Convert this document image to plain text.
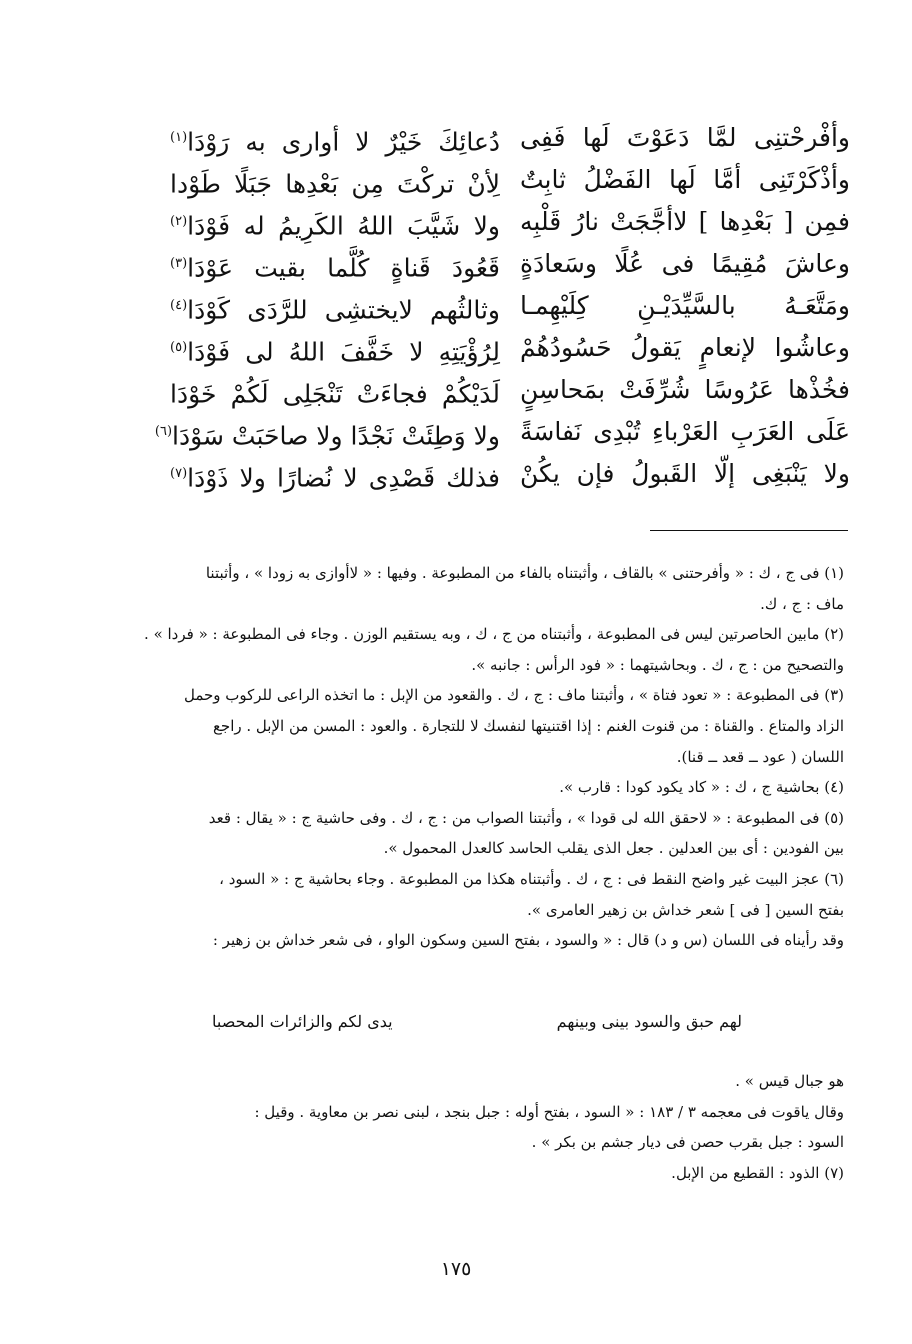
وأفْرحْتنِى لمَّا دَعَوْتَ لَها فَفِى
دُعائِكَ خَيْرٌ لا أوارى به رَوْدَا$^{(١)}$
وأذْكَرْتَنِى أمَّا لَها الفَضْلُ ثابِتٌ
لِأنْ تركْتَ مِن بَعْدِها جَبَلًا طَوْدا
فمِن [ بَعْدِها ] لاأجَّجَتْ نارُ قَلْبِه
ولا شَيَّبَ اللهُ الكَرِيمُ له فَوْدَا$^{(٢)}$
وعاشَ مُقِيمًا فى عُلًا وسَعادَةٍ
قَعُودَ قَناةٍ كُلَّما بقيت عَوْدَا$^{(٣)}$
ومَتَّعَـهُ بالسَّيِّدَيْـنِ كِلَيْهِمـا
وثالثُهم لايختشِى للرَّدَى كَوْدَا$^{(٤)}$
وعاشُوا لإنعامٍ يَقولُ حَسُودُهُمْ
لِرُؤْيَتِهِ لا خَفَّفَ اللهُ لى فَوْدَا$^{(٥)}$
فخُذْها عَرُوسًا شُرِّفَتْ بمَحاسِنٍ
لَدَيْكُمْ فجاءَتْ تَنْجَلِى لَكُمْ خَوْدَا
عَلَى العَرَبِ العَرْباءِ تُبْدِى نَفاسَةً
ولا وَطِئَتْ نَجْدًا ولا صاحَبَتْ سَوْدَا$^{(٦)}$
ولا يَنْبَغِى إلّا القَبولُ فإن يكُنْ
فذلك قَصْدِى لا نُضارًا ولا ذَوْدَا$^{(٧)}$

(١) فى ج ، ك : « وأفرحتنى » بالقاف ، وأثبتناه بالفاء من المطبوعة . وفيها : « لاأوازى به زودا » ، وأثبتنا

ماف : ج ، ك.

(٢) مابين الحاصرتين ليس فى المطبوعة ، وأثبتناه من ج ، ك ، وبه يستقيم الوزن . وجاء فى المطبوعة : « فردا » .

والتصحيح من : ج ، ك . وبحاشيتهما : « فود الرأس : جانبه ».

(٣) فى المطبوعة : « تعود فتاة » ، وأثبتنا ماف : ج ، ك . والقعود من الإبل : ما اتخذه الراعى للركوب وحمل

الزاد والمتاع . والقناة : من قنوت الغنم : إذا اقتنيتها لنفسك لا للتجارة . والعود : المسن من الإبل . راجع

اللسان ( عود ــ قعد ــ قنا).

(٤) بحاشية ج ، ك : « كاد يكود كودا : قارب ».

(٥) فى المطبوعة : « لاحقق الله لى قودا » ، وأثبتنا الصواب من : ج ، ك . وفى حاشية ج : « يقال : قعد

بين الفودين : أى بين العدلين . جعل الذى يقلب الحاسد كالعدل المحمول ».

(٦) عجز البيت غير واضح النقط فى : ج ، ك . وأثبتناه هكذا من المطبوعة . وجاء بحاشية ج : « السود ،

بفتح السين [ فى ] شعر خداش بن زهير العامرى ».

وقد رأيناه فى اللسان (س و د) قال : « والسود ، بفتح السين وسكون الواو ، فى شعر خداش بن زهير :

لهم حبق والسود بينى وبينهم
يدى لكم والزائرات المحصبا

هو جبال قيس » .

وقال ياقوت فى معجمه ٣ / ١٨٣ : « السود ، بفتح أوله : جبل بنجد ، لبنى نصر بن معاوية . وقيل :

السود : جبل بقرب حصن فى ديار جشم بن بكر » .

(٧) الذود : القطيع من الإبل.

١٧٥
